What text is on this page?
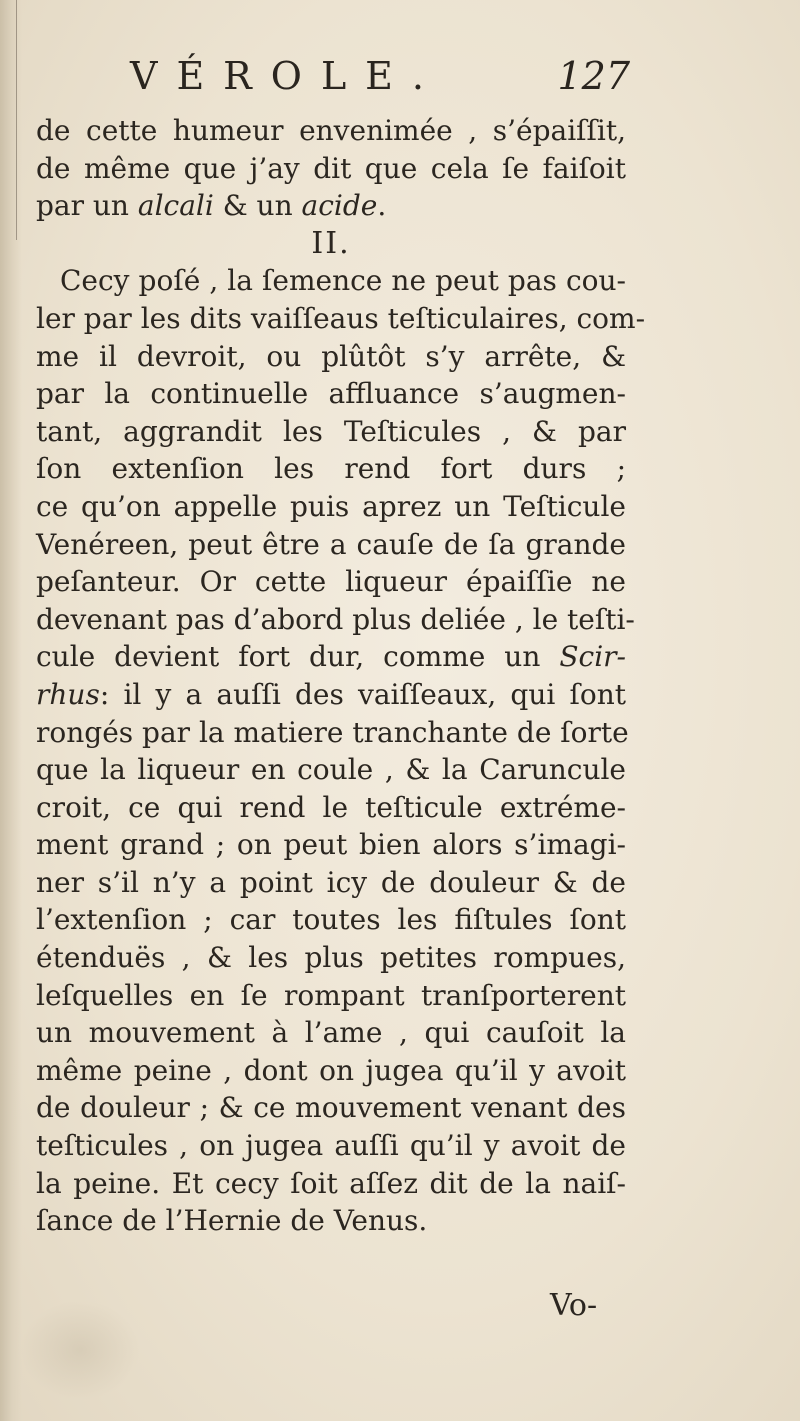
VÉROLE.	127
de cette humeur envenimée , s’épaiſſit,
de même que j’ay dit que cela ſe faiſoit
par un alcali & un acide.
II.
Cecy poſé , la ſemence ne peut pas cou-
ler par les dits vaiſſeaus teſticulaires, com-
me il devroit, ou plûtôt s’y arrête, &
par la continuelle affluance s’augmen-
tant, aggrandit les Teſticules , & par
ſon extenſion les rend fort durs ;
ce qu’on appelle puis aprez un Teſticule
Venéreen, peut être a cauſe de ſa grande
peſanteur. Or cette liqueur épaiſſie ne
devenant pas d’abord plus deliée , le teſti-
cule devient fort dur, comme un Scir-
rhus: il y a auſſi des vaiſſeaux, qui ſont
rongés par la matiere tranchante de ſorte
que la liqueur en coule , & la Caruncule
croit, ce qui rend le teſticule extréme-
ment grand ; on peut bien alors s’imagi-
ner s’il n’y a point icy de douleur & de
l’extenſion ; car toutes les fiſtules ſont
étenduës , & les plus petites rompues,
leſquelles en ſe rompant tranſporterent
un mouvement à l’ame , qui cauſoit la
même peine , dont on jugea qu’il y avoit
de douleur ; & ce mouvement venant des
teſticules , on jugea auſſi qu’il y avoit de
la peine. Et cecy ſoit aſſez dit de la naiſ-
ſance de l’Hernie de Venus.
Vo-
